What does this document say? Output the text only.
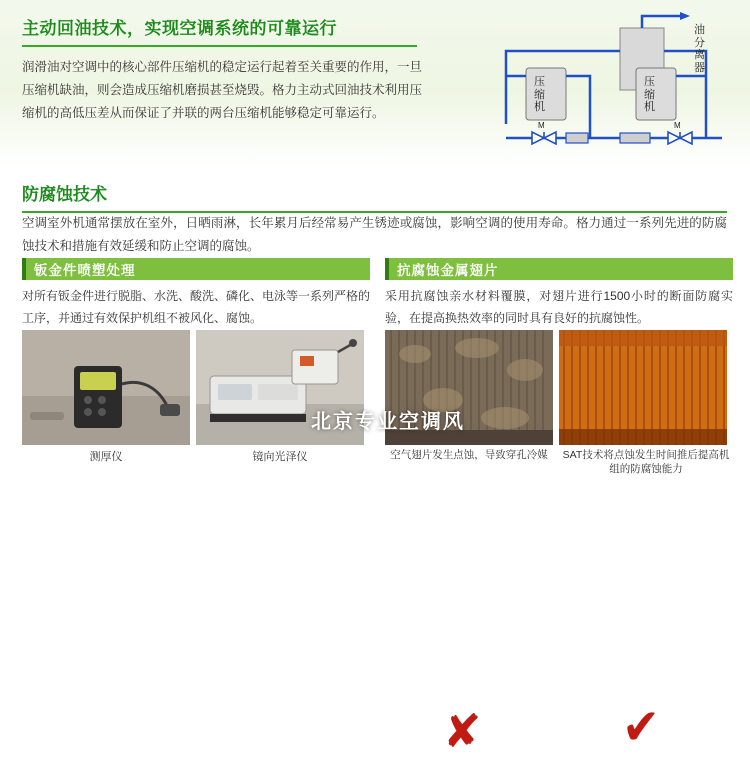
主动回油技术，实现空调系统的可靠运行
润滑油对空调中的核心部件压缩机的稳定运行起着至关重要的作用，一旦压缩机缺油，则会造成压缩机磨损甚至烧毁。格力主动式回油技术利用压缩机的高低压差从而保证了并联的两台压缩机能够稳定可靠运行。
M	M
油分离器
压缩机
压缩机
防腐蚀技术
空调室外机通常摆放在室外，日晒雨淋，长年累月后经常易产生锈迹或腐蚀，影响空调的使用寿命。格力通过一系列先进的防腐蚀技术和措施有效延缓和防止空调的腐蚀。
钣金件喷塑处理
对所有钣金件进行脱脂、水洗、酸洗、磷化、电泳等一系列严格的工序，并通过有效保护机组不被风化、腐蚀。
抗腐蚀金属翅片
采用抗腐蚀亲水材料覆膜，对翅片进行1500小时的断面防腐实验，在提高换热效率的同时具有良好的抗腐蚀性。
测厚仪	镜向光泽仪	空气翅片发生点蚀，导致穿孔冷媒	SAT技术将点蚀发生时间推后提高机组的防腐蚀能力
✘	✔
北京专业空调风
